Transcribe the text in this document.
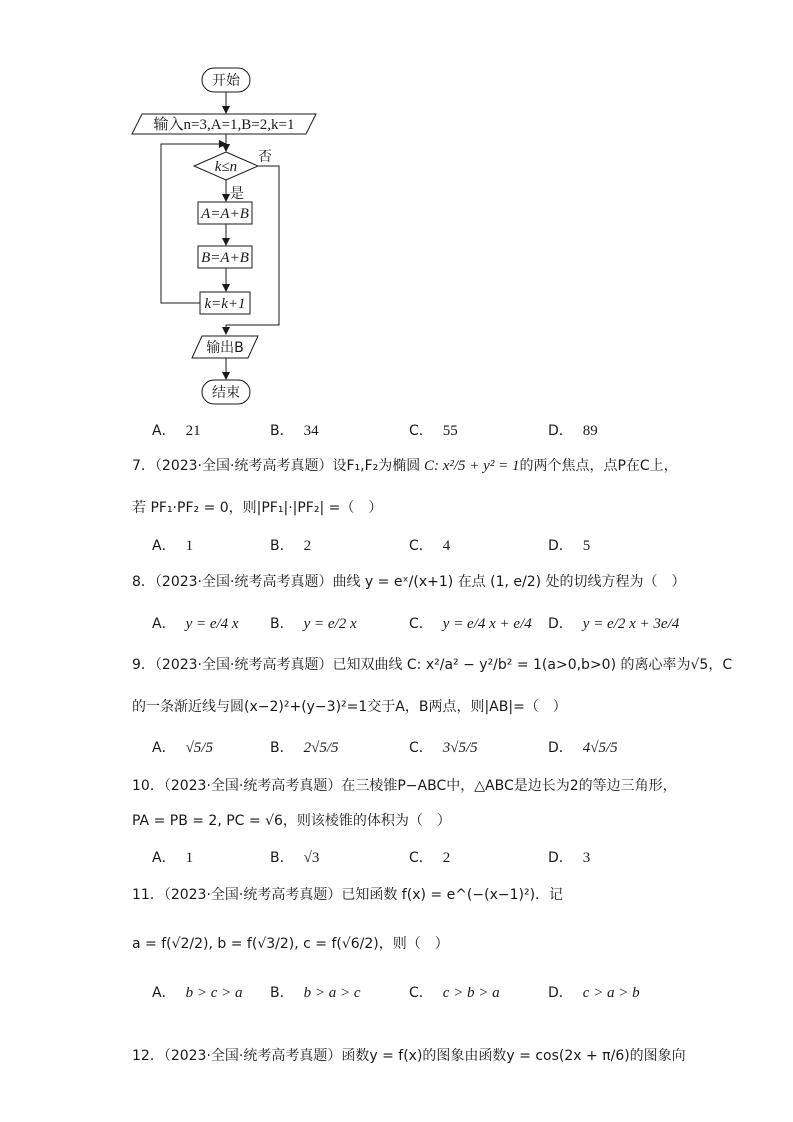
开始
输入n=3,A=1,B=2,k=1
k≤n
否
是
A=A+B
B=A+B
k=k+1
输出B
结束
A． 21	B． 34	C． 55	D． 89
7．（2023·全国·统考高考真题）设F₁,F₂为椭圆 C: x²/5 + y² = 1的两个焦点，点P在C上，
若 PF₁·PF₂ = 0，则|PF₁|·|PF₂| =（　）
A． 1	B． 2	C． 4	D． 5
8．（2023·全国·统考高考真题）曲线 y = eˣ/(x+1) 在点 (1, e/2) 处的切线方程为（　）
A． y = e/4 x B． y = e/2 x	C． y = e/4 x + e/4 D． y = e/2 x + 3e/4
9．（2023·全国·统考高考真题）已知双曲线 C: x²/a² − y²/b² = 1(a>0,b>0) 的离心率为√5，C
的一条渐近线与圆(x−2)²+(y−3)²=1交于A，B两点，则|AB|=（　）
A． √5/5	B． 2√5/5	C． 3√5/5	D． 4√5/5
10．（2023·全国·统考高考真题）在三棱锥P−ABC中，△ABC是边长为2的等边三角形，
PA = PB = 2, PC = √6，则该棱锥的体积为（　）
A． 1	B． √3	C． 2	D． 3
11．（2023·全国·统考高考真题）已知函数 f(x) = e^(−(x−1)²)．记
a = f(√2/2), b = f(√3/2), c = f(√6/2)，则（　）
A． b > c > a B． b > a > c	C． c > b > a	D． c > a > b
12．（2023·全国·统考高考真题）函数y = f(x)的图象由函数y = cos(2x + π/6)的图象向
